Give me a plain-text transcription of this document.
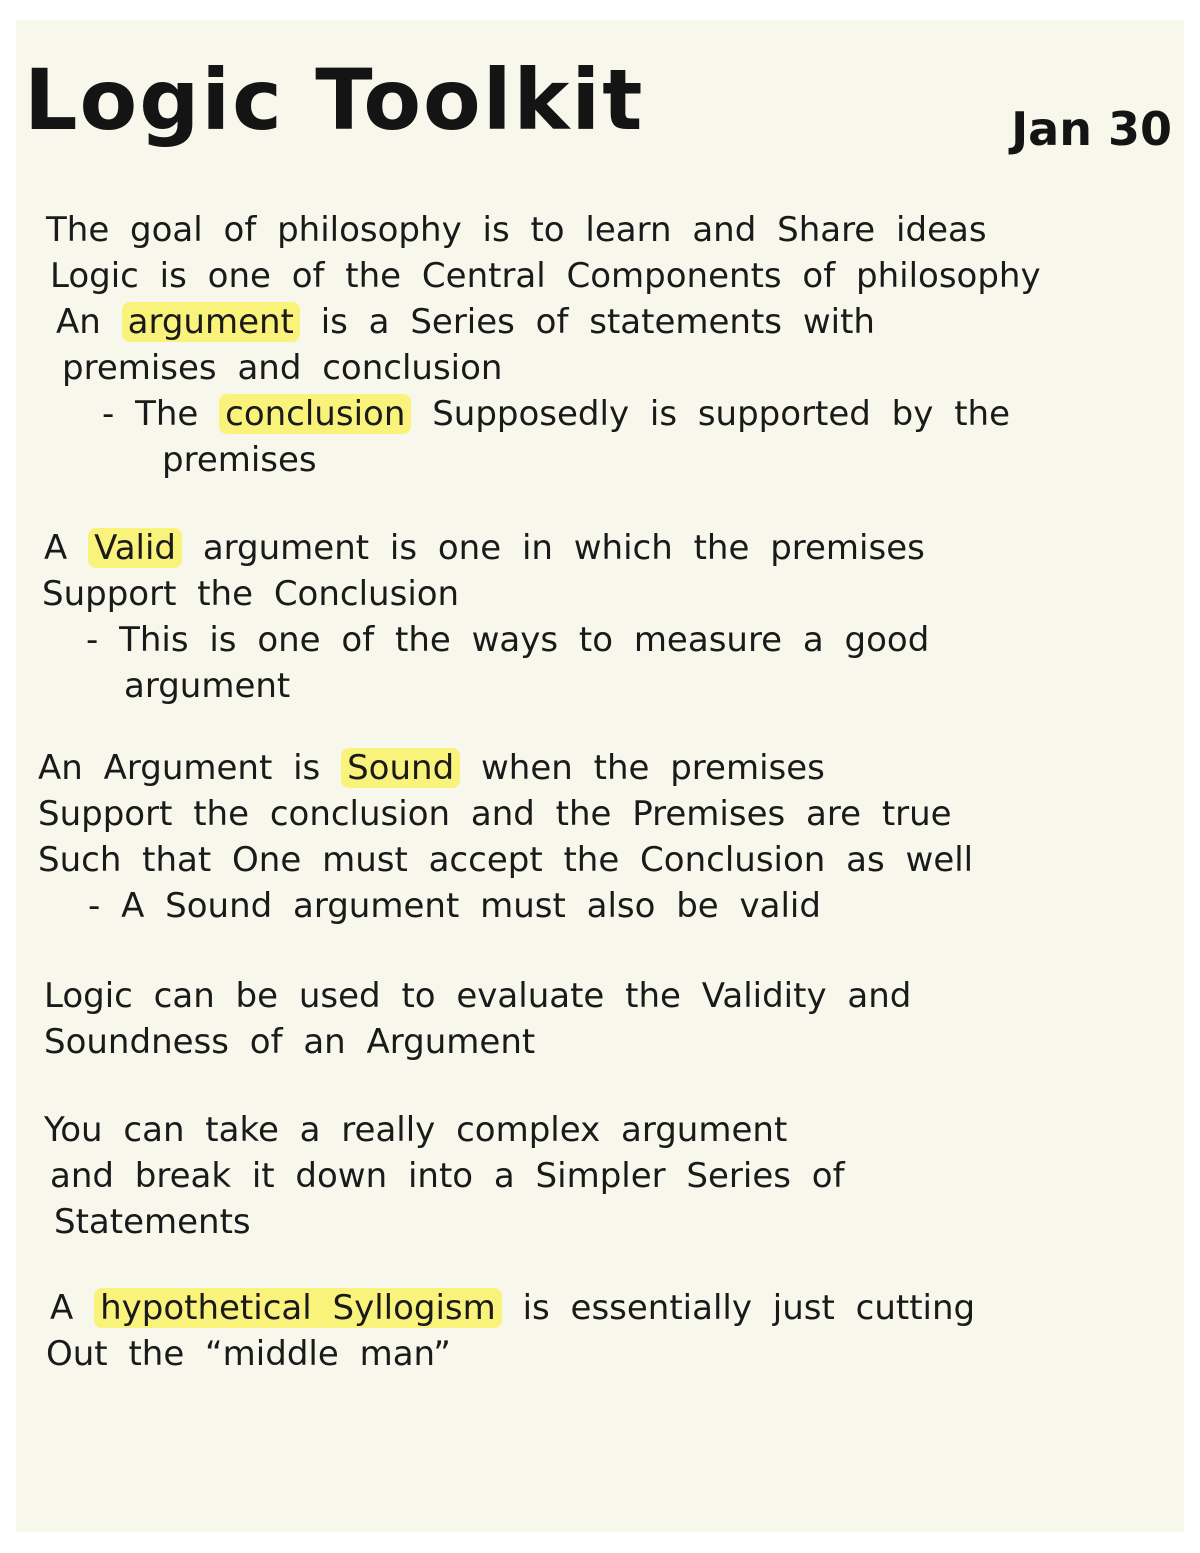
Logic Toolkit	Jan 30
The goal of philosophy is to learn and Share ideas
Logic is one of the Central Components of philosophy
An argument is a Series of statements with
premises and conclusion
- The conclusion Supposedly is supported by the
premises
A Valid argument is one in which the premises
Support the Conclusion
- This is one of the ways to measure a good
argument
An Argument is Sound when the premises
Support the conclusion and the Premises are true
Such that One must accept the Conclusion as well
- A Sound argument must also be valid
Logic can be used to evaluate the Validity and
Soundness of an Argument
You can take a really complex argument
and break it down into a Simpler Series of
Statements
A hypothetical Syllogism is essentially just cutting
Out the “middle man”
